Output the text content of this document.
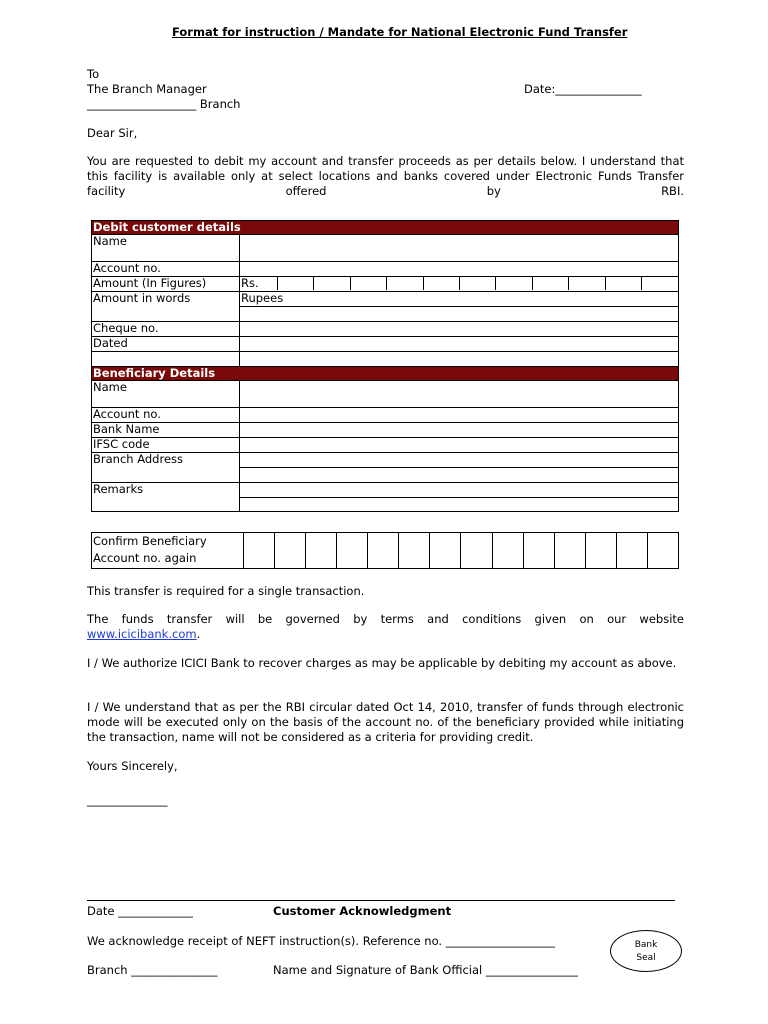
Format for instruction / Mandate for National Electronic Fund Transfer
To
The Branch Manager	Date:_______________
___________________ Branch
Dear Sir,
You are requested to debit my account and transfer proceeds as per details below. I understand that this facility is available only at select locations and banks covered under Electronic Funds Transfer facility offered by RBI.
Debit customer details
Name	
Account no.	

Amount (In Figures)		Rs.											

Amount in words	Rupees

Cheque no.	

Dated	

Beneficiary Details
Name	
Account no.	

Bank Name	
IFSC code	

Branch Address	

Remarks	

Confirm Beneficiary
Account no. again														
This transfer is required for a single transaction.
The funds transfer will be governed by terms and conditions given on our website
www.icicibank.com.
I / We authorize ICICI Bank to recover charges as may be applicable by debiting my account as above.
I / We understand that as per the RBI circular dated Oct 14, 2010, transfer of funds through electronic mode will be executed only on the basis of the account no. of the beneficiary provided while initiating the transaction, name will not be considered as a criteria for providing credit.
Yours Sincerely,
______________
Date _____________	Customer Acknowledgment
We acknowledge receipt of NEFT instruction(s). Reference no. ___________________
Branch _______________	Name and Signature of Bank Official ________________
Bank
Seal
